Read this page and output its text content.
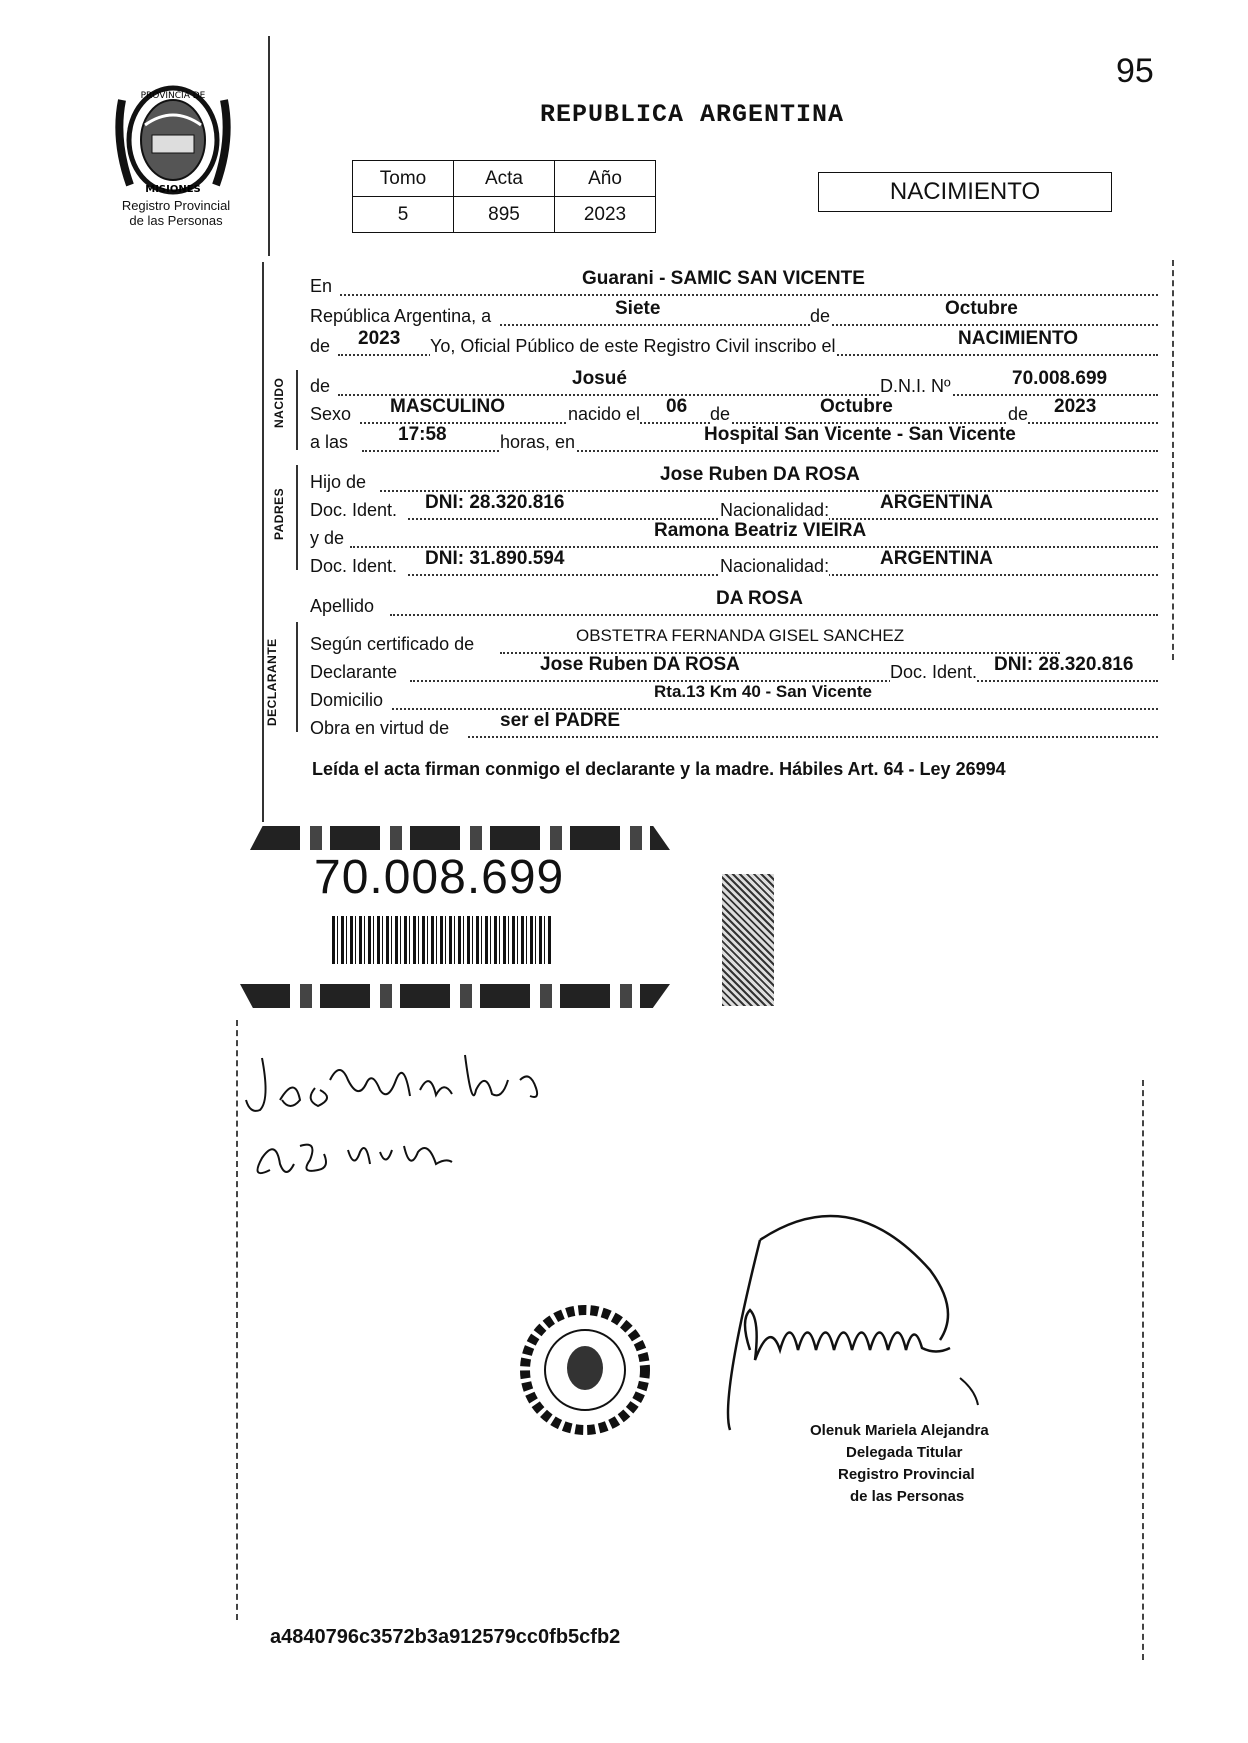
95
REPUBLICA ARGENTINA
PROVINCIA DE
MISIONES
Registro Provincial
de las Personas
Tomo	Acta	Año
5	895	2023
NACIMIENTO
NACIDO
PADRES
DECLARANTE
En	Guarani - SAMIC SAN VICENTE
República Argentina, a	Siete	de	Octubre
de 2023 Yo, Oficial Público de este Registro Civil inscribo el	NACIMIENTO
de	Josué	D.N.I. Nº	70.008.699
Sexo MASCULINO	nacido el 06 de	Octubre	de 2023
a las	17:58	horas, en	Hospital San Vicente - San Vicente
Hijo de	Jose Ruben DA ROSA
Doc. Ident. DNI: 28.320.816	Nacionalidad:	ARGENTINA
y de	Ramona Beatriz VIEIRA
Doc. Ident. DNI: 31.890.594	Nacionalidad:	ARGENTINA
Apellido	DA ROSA
Según certificado de	OBSTETRA FERNANDA GISEL SANCHEZ
Declarante	Jose Ruben DA ROSA	Doc. Ident. DNI: 28.320.816
Domicilio	Rta.13 Km 40 - San Vicente
Obra en virtud de	ser el PADRE
Leída el acta firman conmigo el declarante y la madre. Hábiles Art. 64 - Ley 26994
70.008.699
Olenuk Mariela Alejandra
Delegada Titular
Registro Provincial
de las Personas
a4840796c3572b3a912579cc0fb5cfb2
